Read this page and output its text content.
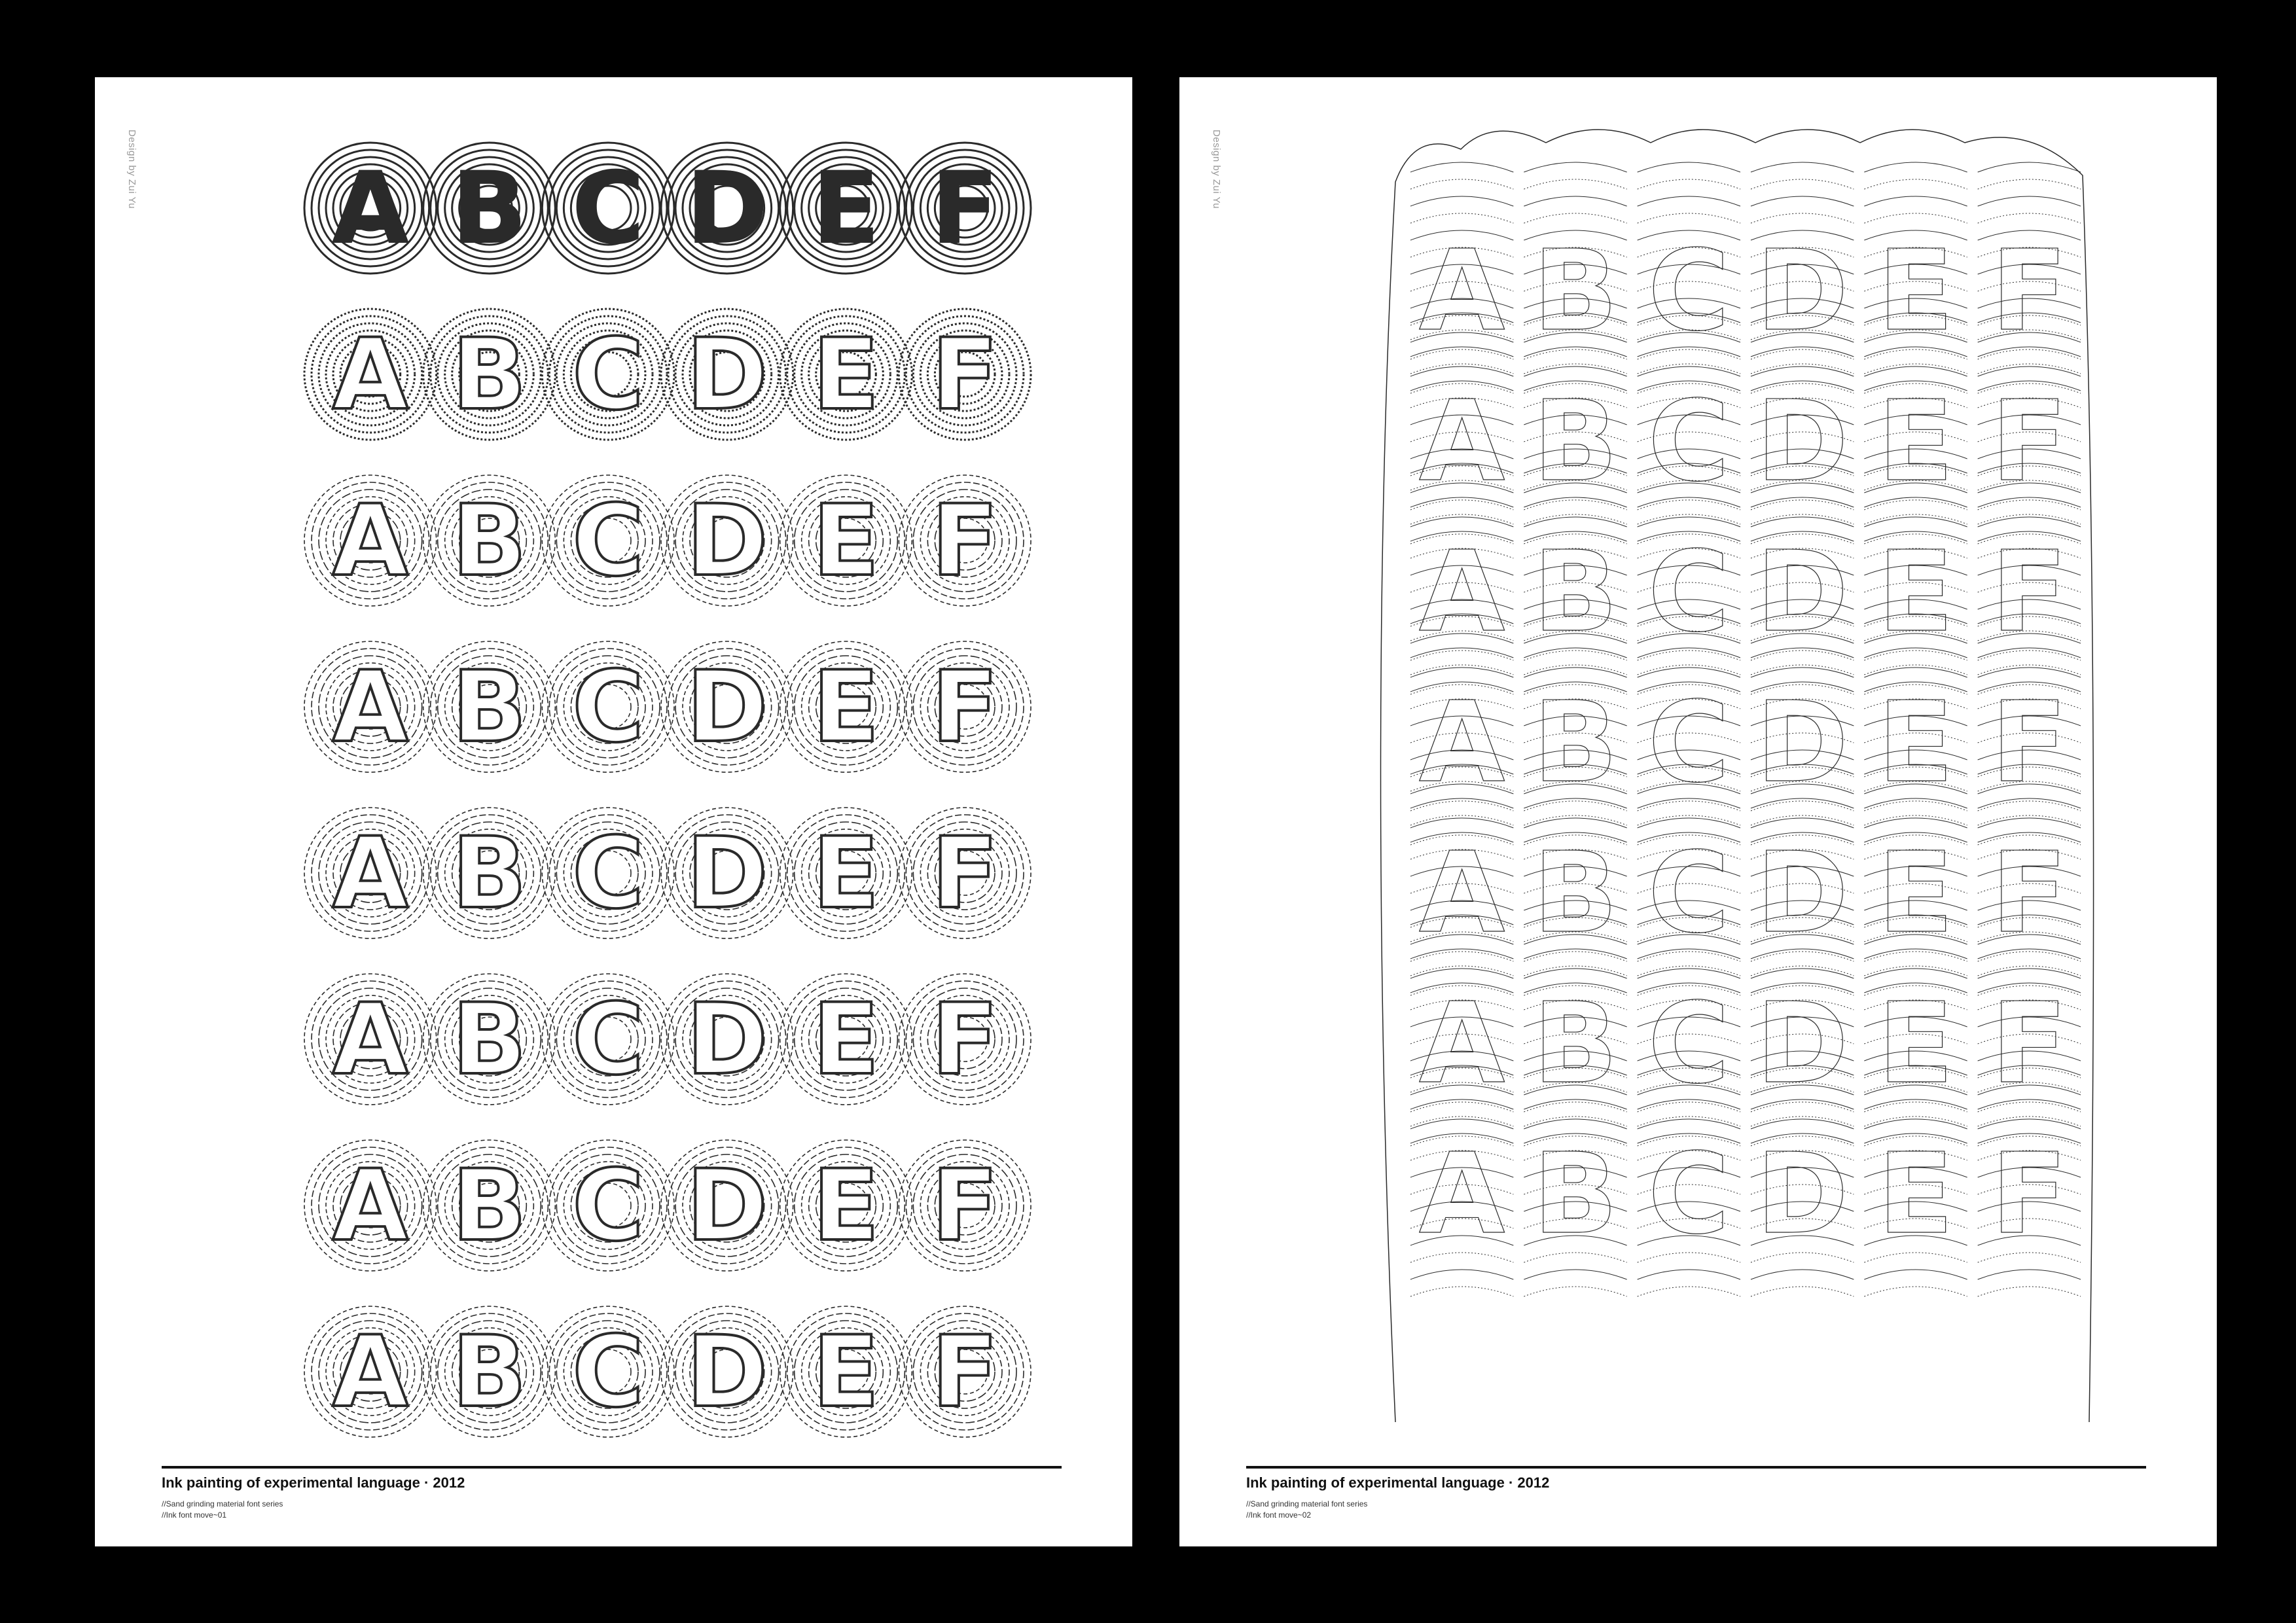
Design by Zui Yu A B C D E F
A B C D E F
A B C D E F
A B C D E F
A B C D E F
A B C D E F
A B C D E F
A B C D E F
Ink painting of experimental language · 2012
//Sand grinding material font series
//Ink font move~01
Design by Zui Yu
A B C D E F
A B C D E F
A B C D E F
A B C D E F
A B C D E F
A B C D E F
A B C D E F
Ink painting of experimental language · 2012
//Sand grinding material font series
//Ink font move~02
